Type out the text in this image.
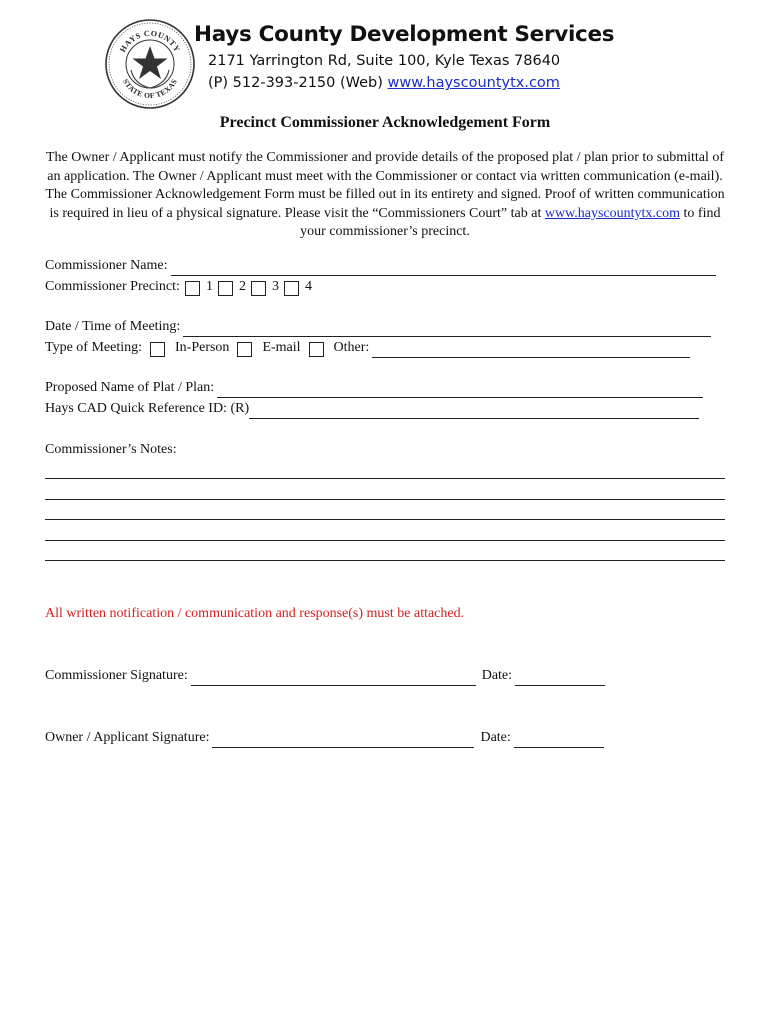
HAYS COUNTY
STATE OF TEXAS
Hays County Development Services
2171 Yarrington Rd, Suite 100, Kyle Texas 78640
(P) 512-393-2150 (Web) www.hayscountytx.com
Precinct Commissioner Acknowledgement Form
The Owner / Applicant must notify the Commissioner and provide details of the proposed plat / plan prior to submittal of an application. The Owner / Applicant must meet with the Commissioner or contact via written communication (e-mail). The Commissioner Acknowledgement Form must be filled out in its entirety and signed. Proof of written communication is required in lieu of a physical signature. Please visit the “Commissioners Court” tab at www.hayscountytx.com to find your commissioner’s precinct.
Commissioner Name:
Commissioner Precinct: 1 2 3 4
Date / Time of Meeting:
Type of Meeting: In-Person E-mail Other:
Proposed Name of Plat / Plan:
Hays CAD Quick Reference ID: (R)
Commissioner’s Notes:
All written notification / communication and response(s) must be attached.
Commissioner Signature:	Date:
Owner / Applicant Signature:	Date:
